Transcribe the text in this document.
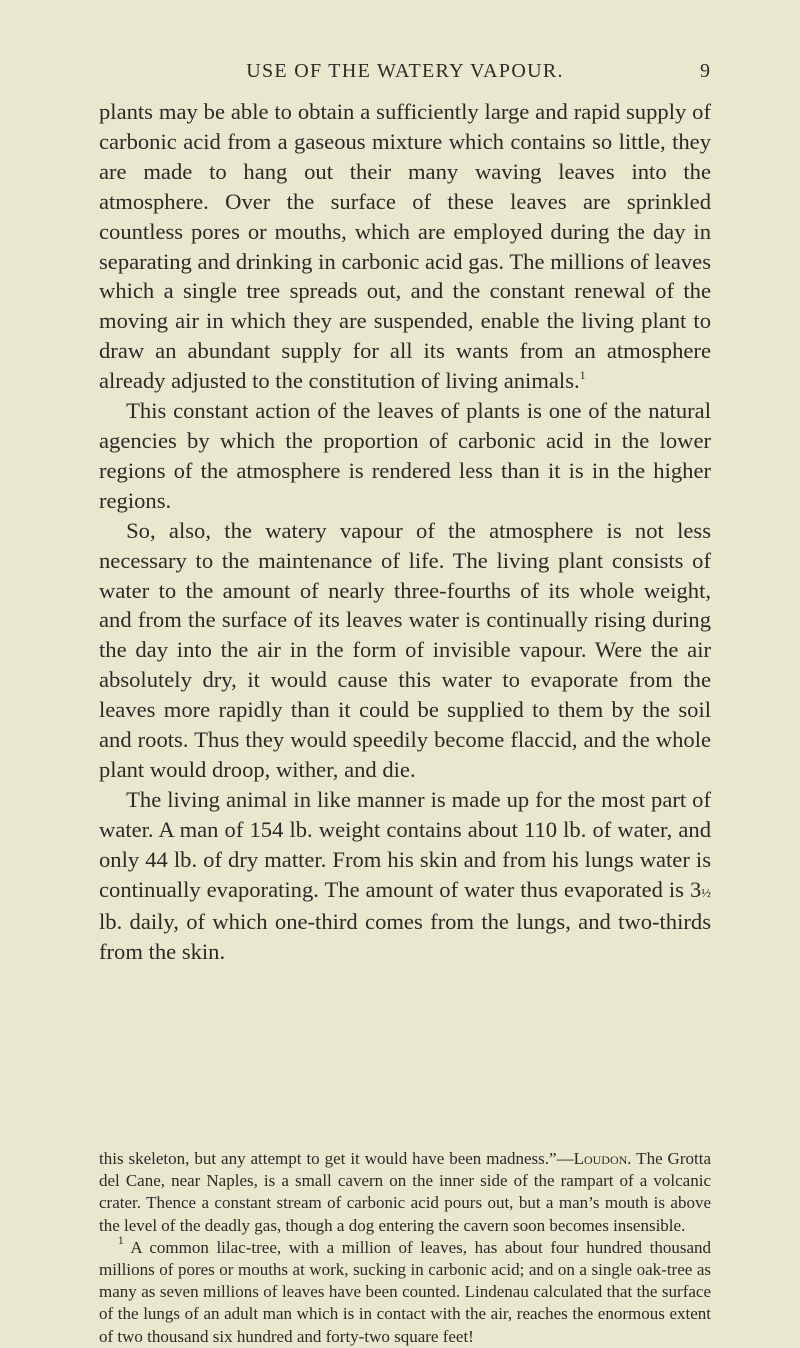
USE OF THE WATERY VAPOUR.	9

plants may be able to obtain a sufficiently large and rapid supply of carbonic acid from a gaseous mixture which contains so little, they are made to hang out their many waving leaves into the atmosphere. Over the surface of these leaves are sprinkled countless pores or mouths, which are employed during the day in separating and drinking in carbonic acid gas. The millions of leaves which a single tree spreads out, and the constant renewal of the moving air in which they are suspended, enable the living plant to draw an abundant supply for all its wants from an atmosphere already adjusted to the constitution of living animals.$^1$

This constant action of the leaves of plants is one of the natural agencies by which the proportion of carbonic acid in the lower regions of the atmosphere is rendered less than it is in the higher regions.

So, also, the watery vapour of the atmosphere is not less necessary to the maintenance of life. The living plant consists of water to the amount of nearly three-fourths of its whole weight, and from the surface of its leaves water is continually rising during the day into the air in the form of invisible vapour. Were the air absolutely dry, it would cause this water to evaporate from the leaves more rapidly than it could be supplied to them by the soil and roots. Thus they would speedily become flaccid, and the whole plant would droop, wither, and die.

The living animal in like manner is made up for the most part of water. A man of 154 lb. weight contains about 110 lb. of water, and only 44 lb. of dry matter. From his skin and from his lungs water is continually evaporating. The amount of water thus evaporated is 3½ lb. daily, of which one-third comes from the lungs, and two-thirds from the skin.

this skeleton, but any attempt to get it would have been madness.”—Loudon. The Grotta del Cane, near Naples, is a small cavern on the inner side of the rampart of a volcanic crater. Thence a constant stream of carbonic acid pours out, but a man’s mouth is above the level of the deadly gas, though a dog entering the cavern soon becomes insensible.

$^1$ A common lilac-tree, with a million of leaves, has about four hundred thousand millions of pores or mouths at work, sucking in carbonic acid; and on a single oak-tree as many as seven millions of leaves have been counted. Lindenau calculated that the surface of the lungs of an adult man which is in contact with the air, reaches the enormous extent of two thousand six hundred and forty-two square feet!
